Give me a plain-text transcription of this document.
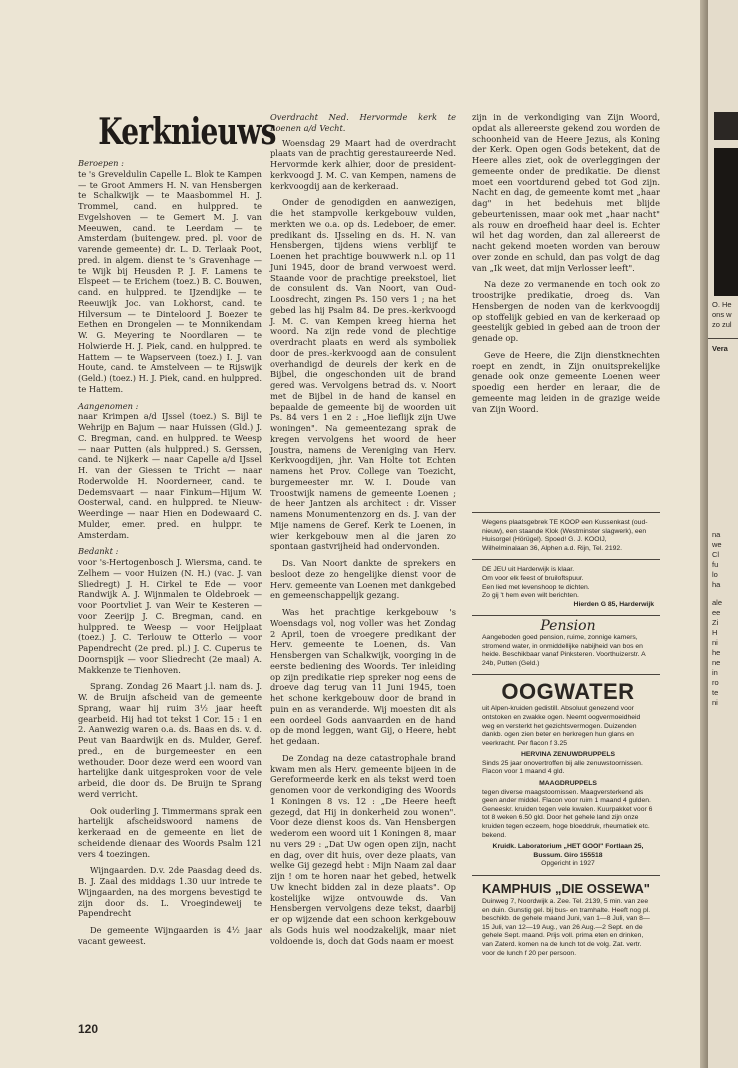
Kerknieuws

Beroepen :

te 's Greveldulin Capelle L. Blok te Kampen — te Groot Ammers H. N. van Hensbergen te Schalkwijk — te Maasbommel H. J. Trommel, cand. en hulppred. te Evgelshoven — te Gemert M. J. van Meeuwen, cand. te Leerdam — te Amsterdam (buitengew. pred. pl. voor de varende gemeente) dr. L. D. Terlaak Poot, pred. in algem. dienst te 's Gravenhage — te Wijk bij Heusden P. J. F. Lamens te Elspeet — te Erichem (toez.) B. C. Bouwen, cand. en hulppred. te IJzendijke — te Reeuwijk Joc. van Lokhorst, cand. te Hilversum — te Dinteloord J. Boezer te Eethen en Drongelen — te Monnikendam W. G. Meyering te Noordlaren — te Holwierde H. J. Piek, cand. en hulppred. te Hattem — te Wapserveen (toez.) I. J. van Houte, cand. te Amstelveen — te Rijswijk (Geld.) (toez.) H. J. Piek, cand. en hulppred. te Hattem.

Aangenomen :

naar Krimpen a/d IJssel (toez.) S. Bijl te Wehrijp en Bajum — naar Huissen (Gld.) J. C. Bregman, cand. en hulppred. te Weesp — naar Putten (als hulppred.) S. Gerssen, cand. te Nijkerk — naar Capelle a/d IJssel H. van der Giessen te Tricht — naar Roderwolde H. Noorderneer, cand. te Dedemsvaart — naar Finkum—Hijum W. Oosterwal, cand. en hulppred. te Nieuw-Weerdinge — naar Hien en Dodewaard C. Mulder, emer. pred. en hulppr. te Amsterdam.

Bedankt :

voor 's-Hertogenbosch J. Wiersma, cand. te Zelhem — voor Huizen (N. H.) (vac. J. van Sliedregt) J. H. Cirkel te Ede — voor Randwijk A. J. Wijnmalen te Oldebroek — voor Poortvliet J. van Weir te Kesteren — voor Zeerijp J. C. Bregman, cand. en hulppred. te Weesp — voor Heijplaat (toez.) J. C. Terlouw te Otterlo — voor Papendrecht (2e pred. pl.) J. C. Cuperus te Doornspijk — voor Sliedrecht (2e maal) A. Makkenze te Tienhoven.

Sprang. Zondag 26 Maart j.l. nam ds. J. W. de Bruijn afscheid van de gemeente Sprang, waar hij ruim 3½ jaar heeft gearbeid. Hij had tot tekst 1 Cor. 15 : 1 en 2. Aanwezig waren o.a. ds. Baas en ds. v. d. Peut van Baardwijk en ds. Mulder, Geref. pred., en de burgemeester en een wethouder. Door deze werd een woord van hartelijke dank uitgesproken voor de vele arbeid, die door ds. De Bruijn te Sprang werd verricht.

Ook ouderling J. Timmermans sprak een hartelijk afscheidswoord namens de kerkeraad en de gemeente en liet de scheidende dienaar des Woords Psalm 121 vers 4 toezingen.

Wijngaarden. D.v. 2de Paasdag deed ds. B. J. Zaal des middags 1.30 uur intrede te Wijngaarden, na des morgens bevestigd te zijn door ds. L. Vroegindeweij te Papendrecht

De gemeente Wijngaarden is 4½ jaar vacant geweest.

Overdracht Ned. Hervormde kerk te Loenen a/d Vecht.

Woensdag 29 Maart had de overdracht plaats van de prachtig gerestaureerde Ned. Hervormde kerk alhier, door de president-kerkvoogd J. M. C. van Kempen, namens de kerkvoogdij aan de kerkeraad.

Onder de genodigden en aanwezigen, die het stampvolle kerkgebouw vulden, merkten we o.a. op ds. Ledeboer, de emer. predikant ds. IJsseling en ds. H. N. van Hensbergen, tijdens wiens verblijf te Loenen het prachtige bouwwerk n.l. op 11 Juni 1945, door de brand verwoest werd. Staande voor de prachtige preekstoel, liet de consulent ds. Van Noort, van Oud-Loosdrecht, zingen Ps. 150 vers 1 ; na het gebed las hij Psalm 84. De pres.-kerkvoogd J. M. C. van Kempen kreeg hierna het woord. Na zijn rede vond de plechtige overdracht plaats en werd als symboliek door de pres.-kerkvoogd aan de consulent overhandigd de deurels der kerk en de Bijbel, die ongeschonden uit de brand gered was. Vervolgens betrad ds. v. Noort met de Bijbel in de hand de kansel en bepaalde de gemeente bij de woorden uit Ps. 84 vers 1 en 2 : „Hoe lieflijk zijn Uwe woningen". Na gemeentezang sprak de kregen vervolgens het woord de heer Joustra, namens de Vereniging van Herv. Kerkvoogdijen, jhr. Van Holte tot Echten namens het Prov. College van Toezicht, burgemeester mr. W. I. Doude van Troostwijk namens de gemeente Loenen ; de heer Jantzen als architect : dr. Visser namens Monumentenzorg en ds. J. van der Mije namens de Geref. Kerk te Loenen, in wier kerkgebouw men al die jaren zo spontaan gastvrijheid had ondervonden.

Ds. Van Noort dankte de sprekers en besloot deze zo hengelijke dienst voor de Herv. gemeente van Loenen met dankgebed en gemeenschappelijk gezang.

Was het prachtige kerkgebouw 's Woensdags vol, nog voller was het Zondag 2 April, toen de vroegere predikant der Herv. gemeente te Loenen, ds. Van Hensbergen van Schalkwijk, voorging in de eerste bediening des Woords. Ter inleiding op zijn predikatie riep spreker nog eens de droeve dag terug van 11 Juni 1945, toen het schone kerkgebouw door de brand in puin en as veranderde. Wij moesten dit als een oordeel Gods aanvaarden en de hand op de mond leggen, want Gij, o Heere, hebt het gedaan.

De Zondag na deze catastrophale brand kwam men als Herv. gemeente bijeen in de Gereformeerde kerk en als tekst werd toen genomen voor de verkondiging des Woords 1 Koningen 8 vs. 12 : „De Heere heeft gezegd, dat Hij in donkerheid zou wonen". Voor deze dienst koos ds. Van Hensbergen wederom een woord uit 1 Koningen 8, maar nu vers 29 : „Dat Uw ogen open zijn, nacht en dag, over dit huis, over deze plaats, van welke Gij gezegd hebt : Mijn Naam zal daar zijn ! om te horen naar het gebed, hetwelk Uw knecht bidden zal in deze plaats". Op kostelijke wijze ontvouwde ds. Van Hensbergen vervolgens deze tekst, daarbij er op wijzende dat een schoon kerkgebouw als Gods huis wel noodzakelijk, maar niet voldoende is, doch dat Gods naam er moest

zijn in de verkondiging van Zijn Woord, opdat als allereerste gekend zou worden de schoonheid van de Heere Jezus, als Koning der Kerk. Open ogen Gods betekent, dat de Heere alles ziet, ook de overleggingen der gemeente onder de predikatie. De dienst moet een voortdurend gebed tot God zijn. Nacht en dag, de gemeente komt met „haar dag" in het bedehuis met blijde gebeurtenissen, maar ook met „haar nacht" als rouw en droefheid haar deel is. Echter wil het dag worden, dan zal allereerst de nacht gekend moeten worden van berouw over zonde en schuld, dan pas volgt de dag van „Ik weet, dat mijn Verlosser leeft".

Na deze zo vermanende en toch ook zo troostrijke predikatie, droeg ds. Van Hensbergen de noden van de kerkvoogdij op stoffelijk gebied en van de kerkeraad op geestelijk gebied in gebed aan de troon der genade op.

Geve de Heere, die Zijn dienstknechten roept en zendt, in Zijn onuitsprekelijke genade ook onze gemeente Loenen weer spoedig een herder en leraar, die de gemeente mag leiden in de grazige weide van Zijn Woord.

Wegens plaatsgebrek TE KOOP een Kussenkast (oud-nieuw), een staande Klok (Westminster slagwerk), een Huisorgel (Hörügel). Spoed! G. J. KOOIJ, Wilhelminalaan 36, Alphen a.d. Rijn, Tel. 2192.
DE JEU uit Harderwijk is klaar.
Om voor elk feest of bruiloftspuur.
Een lied met levenshoop te dichten.
Zo gij 't hem even wilt berichten.
Hierden G 85, Harderwijk
Pension
Aangeboden goed pension, ruime, zonnige kamers, stromend water, in onmiddellijke nabijheid van bos en heide. Beschikbaar vanaf Pinksteren. Voorthuizerstr. A 24b, Putten (Geld.)
OOGWATER
uit Alpen-kruiden gedistill. Absoluut genezend voor ontstoken en zwakke ogen. Neemt oogvermoeidheid weg en versterkt het gezichtsvermogen. Duizenden dankb. ogen zien beter en herkregen hun glans en veerkracht. Per flacon f 3.25
HERVINA ZENUWDRUPPELS
Sinds 25 jaar onovertroffen bij alle zenuwstoornissen. Flacon voor 1 maand 4 gld.
MAAGDRUPPELS
tegen diverse maagstoornissen. Maagversterkend als geen ander middel. Flacon voor ruim 1 maand 4 gulden. Geneeskr. kruiden tegen vele kwalen. Kuurpakket voor 6 tot 8 weken 6.50 gld. Door het gehele land zijn onze kruiden tegen eczeem, hoge bloeddruk, rheumatiek etc. bekend.
Kruidk. Laboratorium „HET GOOI" Fortlaan 25, Bussum. Giro 155518
Opgericht in 1927
KAMPHUIS „DIE OSSEWA"
Duinweg 7, Noordwijk a. Zee. Tel. 2139, 5 min. van zee en duin. Gunstig gel. bij bus- en tramhalte. Heeft nog pl. beschikb. de gehele maand Juni, van 1—8 Juli, van 8—15 Juli, van 12—19 Aug., van 26 Aug.—2 Sept. en de gehele Sept. maand. Prijs voll. prima eten en drinken, van Zaterd. komen na de lunch tot de volg. Zat. vertr. voor de lunch f 20 per persoon.
120
O. He
ons w
zo zul
Vera
na
we
Cl
fu
lo
ha
ale
ee
Zi
H
ni
he
ne
in
ro
te
ni
